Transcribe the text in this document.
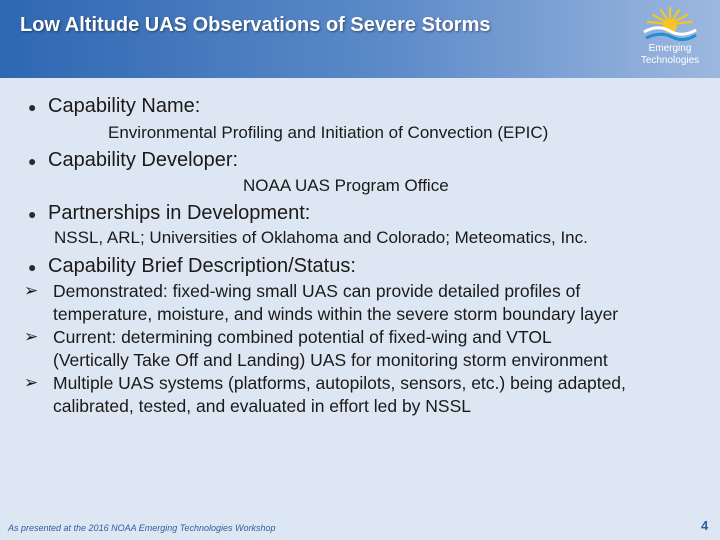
Low Altitude UAS Observations of Severe Storms
Emerging
Technologies
● Capability Name:
Environmental Profiling and Initiation of Convection (EPIC)
● Capability Developer:
NOAA UAS Program Office
● Partnerships in Development:
NSSL, ARL; Universities of Oklahoma and Colorado; Meteomatics, Inc.
● Capability Brief Description/Status:
➢ Demonstrated: fixed-wing small UAS can provide detailed profiles of
temperature, moisture, and winds within the severe storm boundary layer
➢ Current: determining combined potential of fixed-wing and VTOL
(Vertically Take Off and Landing) UAS for monitoring storm environment
➢ Multiple UAS systems (platforms, autopilots, sensors, etc.) being adapted,
calibrated, tested, and evaluated in effort led by NSSL
As presented at the 2016 NOAA Emerging Technologies Workshop	4
